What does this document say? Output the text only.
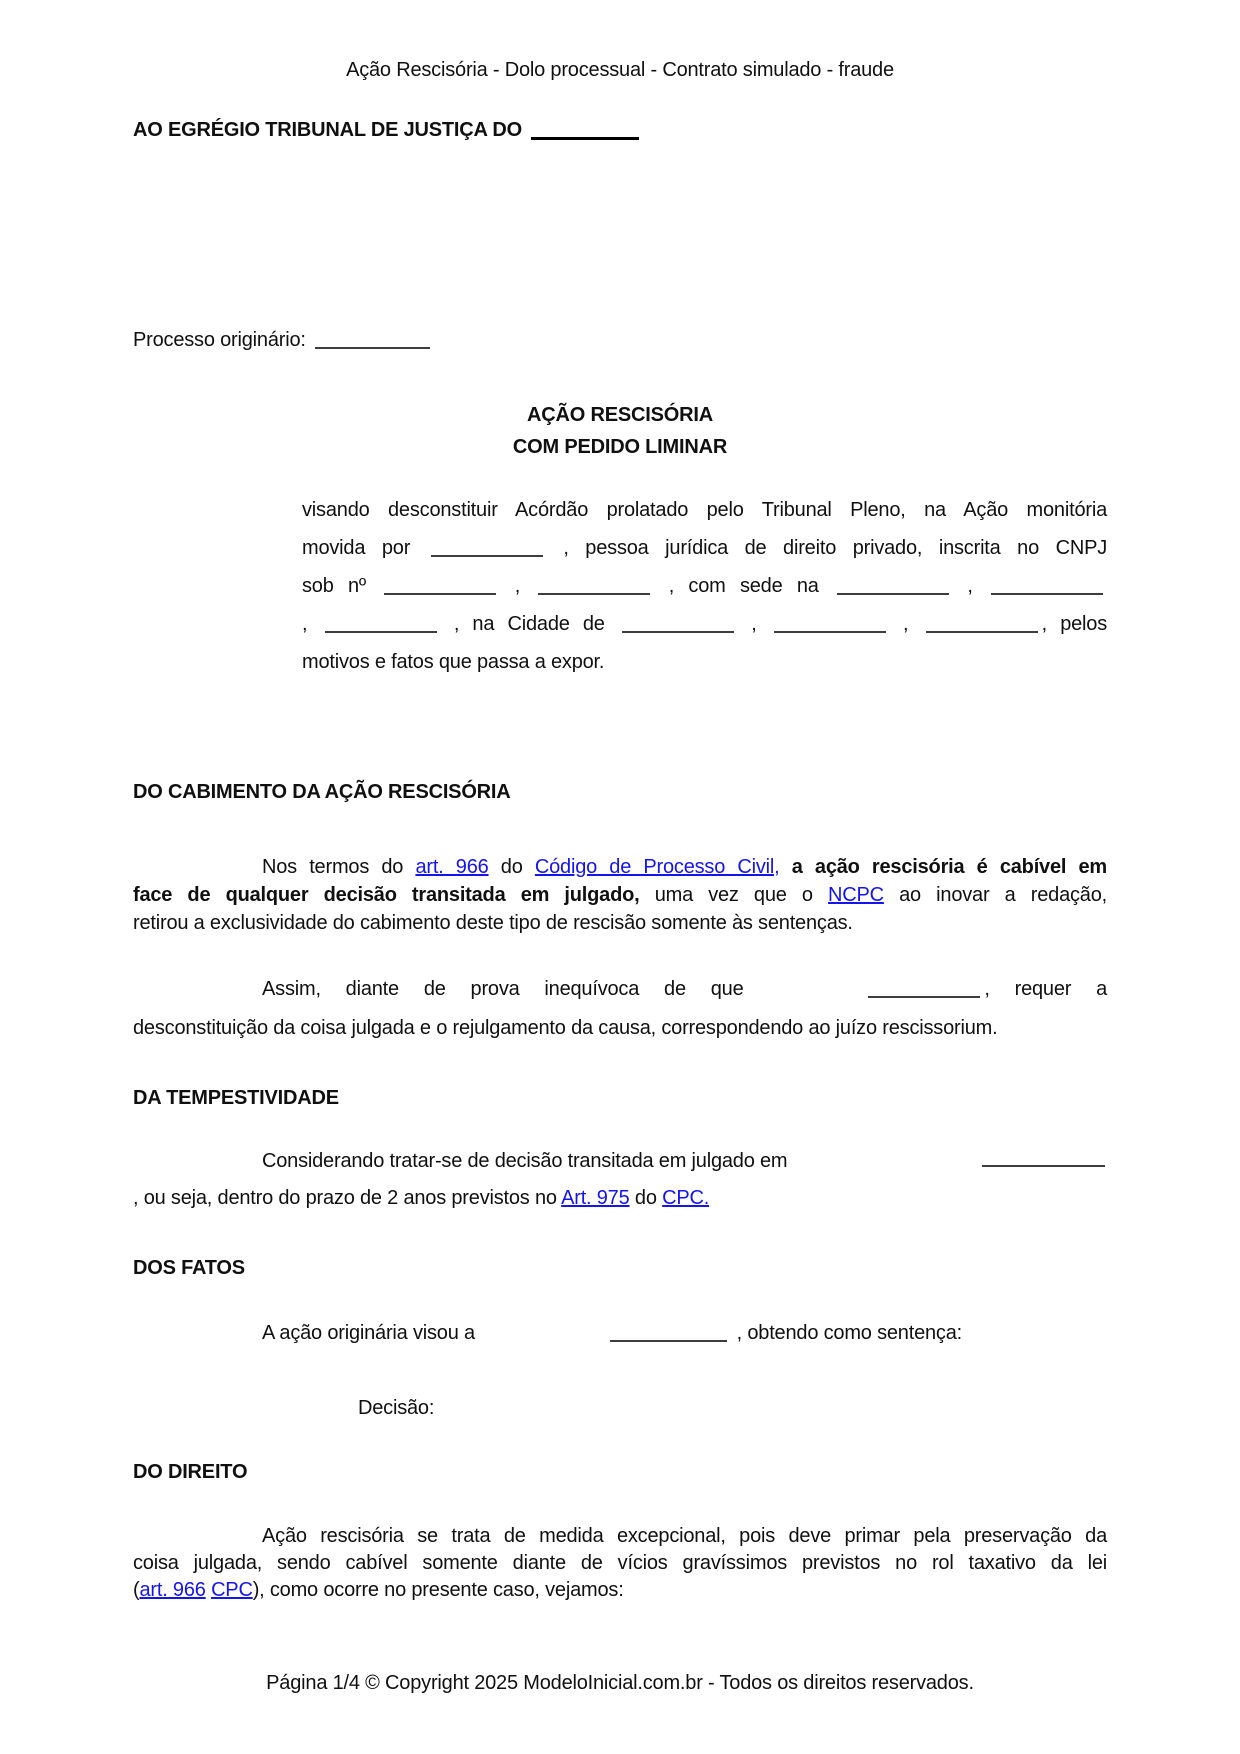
Ação Rescisória - Dolo processual - Contrato simulado - fraude
AO EGRÉGIO TRIBUNAL DE JUSTIÇA DO
Processo originário:
AÇÃO RESCISÓRIA
COM PEDIDO LIMINAR
visando desconstituir Acórdão prolatado pelo Tribunal Pleno, na Ação monitória
movida por	, pessoa jurídica de direito privado, inscrita no CNPJ
sob nº	,	, com sede na	,
,	, na Cidade de	,	,	, pelos
motivos e fatos que passa a expor.
DO CABIMENTO DA AÇÃO RESCISÓRIA
Nos termos do art. 966 do Código de Processo Civil, a ação rescisória é cabível em
face de qualquer decisão transitada em julgado, uma vez que o NCPC ao inovar a redação,
retirou a exclusividade do cabimento deste tipo de rescisão somente às sentenças.
Assim, diante de prova inequívoca de que	, requer a
desconstituição da coisa julgada e o rejulgamento da causa, correspondendo ao juízo rescissorium.
DA TEMPESTIVIDADE
Considerando tratar-se de decisão transitada em julgado em
, ou seja, dentro do prazo de 2 anos previstos no Art. 975 do CPC.
DOS FATOS
A ação originária visou a	, obtendo como sentença:
Decisão:
DO DIREITO
Ação rescisória se trata de medida excepcional, pois deve primar pela preservação da
coisa julgada, sendo cabível somente diante de vícios gravíssimos previstos no rol taxativo da lei
(art. 966 CPC), como ocorre no presente caso, vejamos:
Página 1/4 © Copyright 2025 ModeloInicial.com.br - Todos os direitos reservados.
